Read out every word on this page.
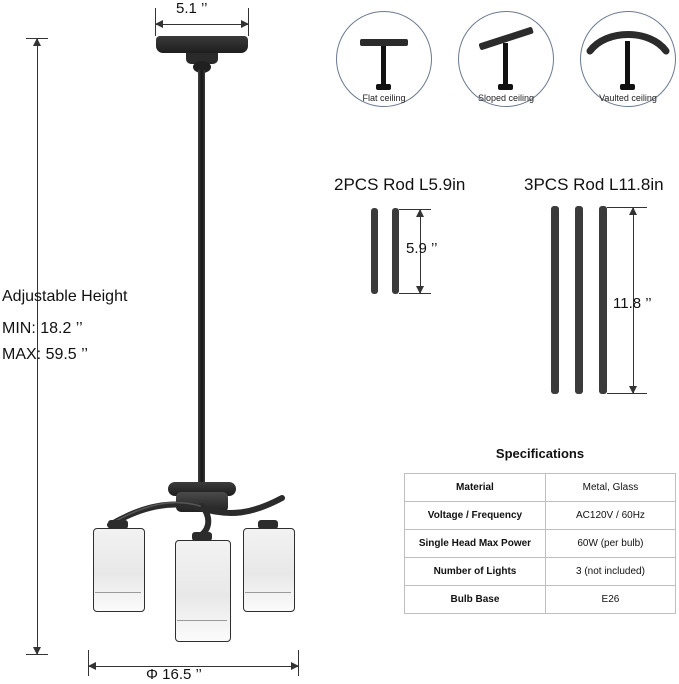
5.1 ’’
Adjustable Height
MIN: 18.2 ’’
MAX: 59.5 ’’
Φ 16.5 ’’
Flat ceiling	Sloped ceiling	Vaulted ceiling
2PCS Rod L5.9in	3PCS Rod L11.8in
5.9 ’’
11.8 ’’
Specifications	
Material	Metal, Glass
Voltage / Frequency	AC120V / 60Hz
Single Head Max Power	60W (per bulb)
Number of Lights	3 (not included)
Bulb Base	E26
